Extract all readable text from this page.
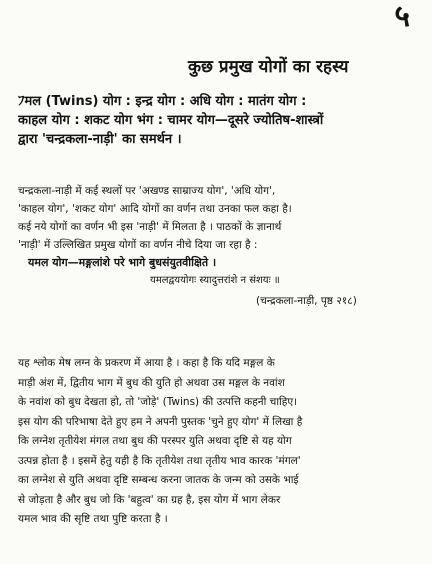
५
कुछ प्रमुख योगों का रहस्य
ﾌमल (Twins) योग : इन्द्र योग : अधि योग : मातंग योग :
काहल योग : शकट योग भंग : चामर योग—दूसरे ज्योतिष-शास्त्रों
द्वारा 'चन्द्रकला-नाड़ी' का समर्थन ।
चन्द्रकला-नाड़ी में कई स्थलों पर 'अखण्ड साम्राज्य योग', 'अधि योग',
'काहल योग', 'शकट योग' आदि योगों का वर्णन तथा उनका फल कहा है।
कई नये योगों का वर्णन भी इस 'नाड़ी' में मिलता है । पाठकों के ज्ञानार्थ
'नाड़ी' में उल्लिखित प्रमुख योगों का वर्णन नीचे दिया जा रहा है :
यमल योग—मङ्गलांशे परे भागे बुधसंयुतवीक्षिते ।
यमलद्वययोगः स्यादुत्तरांशे न संशयः ॥
(चन्द्रकला-नाड़ी, पृष्ठ २१८)
यह श्लोक मेष लग्न के प्रकरण में आया है । कहा है कि यदि मङ्गल के
माड़ी अंश में, द्वितीय भाग में बुध की युति हो अथवा उस मङ्गल के नवांश
के नवांश को बुध देखता हो, तो 'जोड़े' (Twins) की उत्पत्ति कहनी चाहिए।
इस योग की परिभाषा देते हुए हम ने अपनी पुस्तक 'चुने हुए योग' में लिखा है
कि लग्नेश तृतीयेश मंगल तथा बुध की परस्पर युति अथवा दृष्टि से यह योग
उत्पन्न होता है । इसमें हेतु यही है कि तृतीयेश तथा तृतीय भाव कारक 'मंगल'
का लग्नेश से युति अथवा दृष्टि सम्बन्ध करना जातक के जन्म को उसके भाई
से जोड़ता है और बुध जो कि 'बहुत्व' का ग्रह है, इस योग में भाग लेकर
यमल भाव की सृष्टि तथा पुष्टि करता है ।
